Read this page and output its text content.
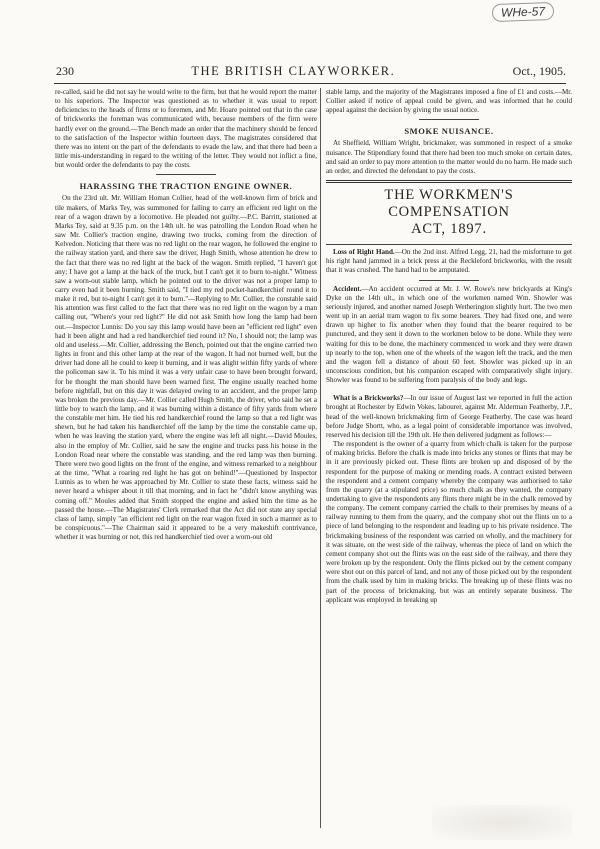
WHe-57
230	THE BRITISH CLAYWORKER.	Oct., 1905.

re-called, said he did not say he would write to the firm, but that he would report the matter to his superiors. The Inspector was questioned as to whether it was usual to report deficiencies to the heads of firms or to foremen, and Mr. Hoare pointed out that in the case of brickworks the foreman was communicated with, because members of the firm were hardly ever on the ground.—The Bench made an order that the machinery should be fenced to the satisfaction of the Inspector within fourteen days. The magistrates considered that there was no intent on the part of the defendants to evade the law, and that there had been a little mis-understanding in regard to the writing of the letter. They would not inflict a fine, but would order the defendants to pay the costs.

HARASSING THE TRACTION ENGINE OWNER.

On the 23rd ult. Mr. William Homan Collier, head of the well-known firm of brick and tile makers, of Marks Tey, was summoned for failing to carry an efficient red light on the rear of a wagon drawn by a locomotive. He pleaded not guilty.—P.C. Barritt, stationed at Marks Tey, said at 9.35 p.m. on the 14th ult. he was patrolling the London Road when he saw Mr. Collier's traction engine, drawing two trucks, coming from the direction of Kelvedon. Noticing that there was no red light on the rear wagon, he followed the engine to the railway station yard, and there saw the driver, Hugh Smith, whose attention he drew to the fact that there was no red light at the back of the wagon. Smith replied, "I haven't got any; I have got a lamp at the back of the truck, but I can't get it to burn to-night." Witness saw a worn-out stable lamp, which he pointed out to the driver was not a proper lamp to carry even had it been burning. Smith said, "I tied my red pocket-handkerchief round it to make it red, but to-night I can't get it to burn."—Replying to Mr. Collier, the constable said his attention was first called to the fact that there was no red light on the wagon by a man calling out, "Where's your red light?" He did not ask Smith how long the lamp had been out.—Inspector Lunnis: Do you say this lamp would have been an "efficient red light" even had it been alight and had a red handkerchief tied round it? No, I should not; the lamp was old and useless.—Mr. Collier, addressing the Bench, pointed out that the engine carried two lights in front and this other lamp at the rear of the wagon. It had not burned well, but the driver had done all he could to keep it burning, and it was alight within fifty yards of where the policeman saw it. To his mind it was a very unfair case to have been brought forward, for he thought the man should have been warned first. The engine usually reached home before nightfall, but on this day it was delayed owing to an accident, and the proper lamp was broken the previous day.—Mr. Collier called Hugh Smith, the driver, who said he set a little boy to watch the lamp, and it was burning within a distance of fifty yards from where the constable met him. He tied his red handkerchief round the lamp so that a red light was shewn, but he had taken his handkerchief off the lamp by the time the constable came up, when he was leaving the station yard, where the engine was left all night.—David Moules, also in the employ of Mr. Collier, said he saw the engine and trucks pass his house in the London Road near where the constable was standing, and the red lamp was then burning. There were two good lights on the front of the engine, and witness remarked to a neighbour at the time, "What a roaring red light he has got on behind!"—Questioned by Inspector Lunnis as to when he was approached by Mr. Collier to state these facts, witness said he never heard a whisper about it till that morning, and in fact he "didn't know anything was coming off." Moules added that Smith stopped the engine and asked him the time as he passed the house.—The Magistrates' Clerk remarked that the Act did not state any special class of lamp, simply "an efficient red light on the rear wagon fixed in such a manner as to be conspicuous."—The Chairman said it appeared to be a very makeshift contrivance, whether it was burning or not, this red handkerchief tied over a worn-out old

stable lamp, and the majority of the Magistrates imposed a fine of £1 and costs.—Mr. Collier asked if notice of appeal could be given, and was informed that he could appeal against the decision by giving the usual notice.

SMOKE NUISANCE.

At Sheffield, William Wright, brickmaker, was summoned in respect of a smoke nuisance. The Stipendiary found that there had been too much smoke on certain dates, and said an order to pay more attention to the matter would do no harm. He made such an order, and directed the defendant to pay the costs.

THE WORKMEN'S COMPENSATION
ACT, 1897.

Loss of Right Hand.—On the 2nd inst. Alfred Legg, 21, had the misfortune to get his right hand jammed in a brick press at the Reckleford brickworks, with the result that it was crushed. The hand had to be amputated.

Accident.—An accident occurred at Mr. J. W. Rowe's new brickyards at King's Dyke on the 14th ult., in which one of the workmen named Wm. Showler was seriously injured, and another named Joseph Wetherington slightly hurt. The two men went up in an aerial tram wagon to fix some bearers. They had fixed one, and were drawn up higher to fix another when they found that the bearer required to be punctured, and they sent it down to the workmen below to be done. While they were waiting for this to be done, the machinery commenced to work and they were drawn up nearly to the top, when one of the wheels of the wagon left the track, and the men and the wagon fell a distance of about 60 feet. Showler was picked up in an unconscious condition, but his companion escaped with comparatively slight injury. Showler was found to be suffering from paralysis of the body and legs.

What is a Brickworks?—In our issue of August last we reported in full the action brought at Rochester by Edwin Vokes, labourer, against Mr. Alderman Featherby, J.P., head of the well-known brickmaking firm of George Featherby. The case was heard before Judge Shortt, who, as a legal point of considerable importance was involved, reserved his decision till the 19th ult. He then delivered judgment as follows:—

The respondent is the owner of a quarry from which chalk is taken for the purpose of making bricks. Before the chalk is made into bricks any stones or flints that may be in it are previously picked out. These flints are broken up and disposed of by the respondent for the purpose of making or mending roads. A contract existed between the respondent and a cement company whereby the company was authorised to take from the quarry (at a stipulated price) so much chalk as they wanted, the company undertaking to give the respondents any flints there might be in the chalk removed by the company. The cement company carried the chalk to their premises by means of a railway running to them from the quarry, and the company shot out the flints on to a piece of land belonging to the respondent and leading up to his private residence. The brickmaking business of the respondent was carried on wholly, and the machinery for it was situate, on the west side of the railway, whereas the piece of land on which the cement company shot out the flints was on the east side of the railway, and there they were broken up by the respondent. Only the flints picked out by the cement company were shot out on this parcel of land, and not any of those picked out by the respondent from the chalk used by him in making bricks. The breaking up of these flints was no part of the process of brickmaking, but was an entirely separate business. The applicant was employed in breaking up
